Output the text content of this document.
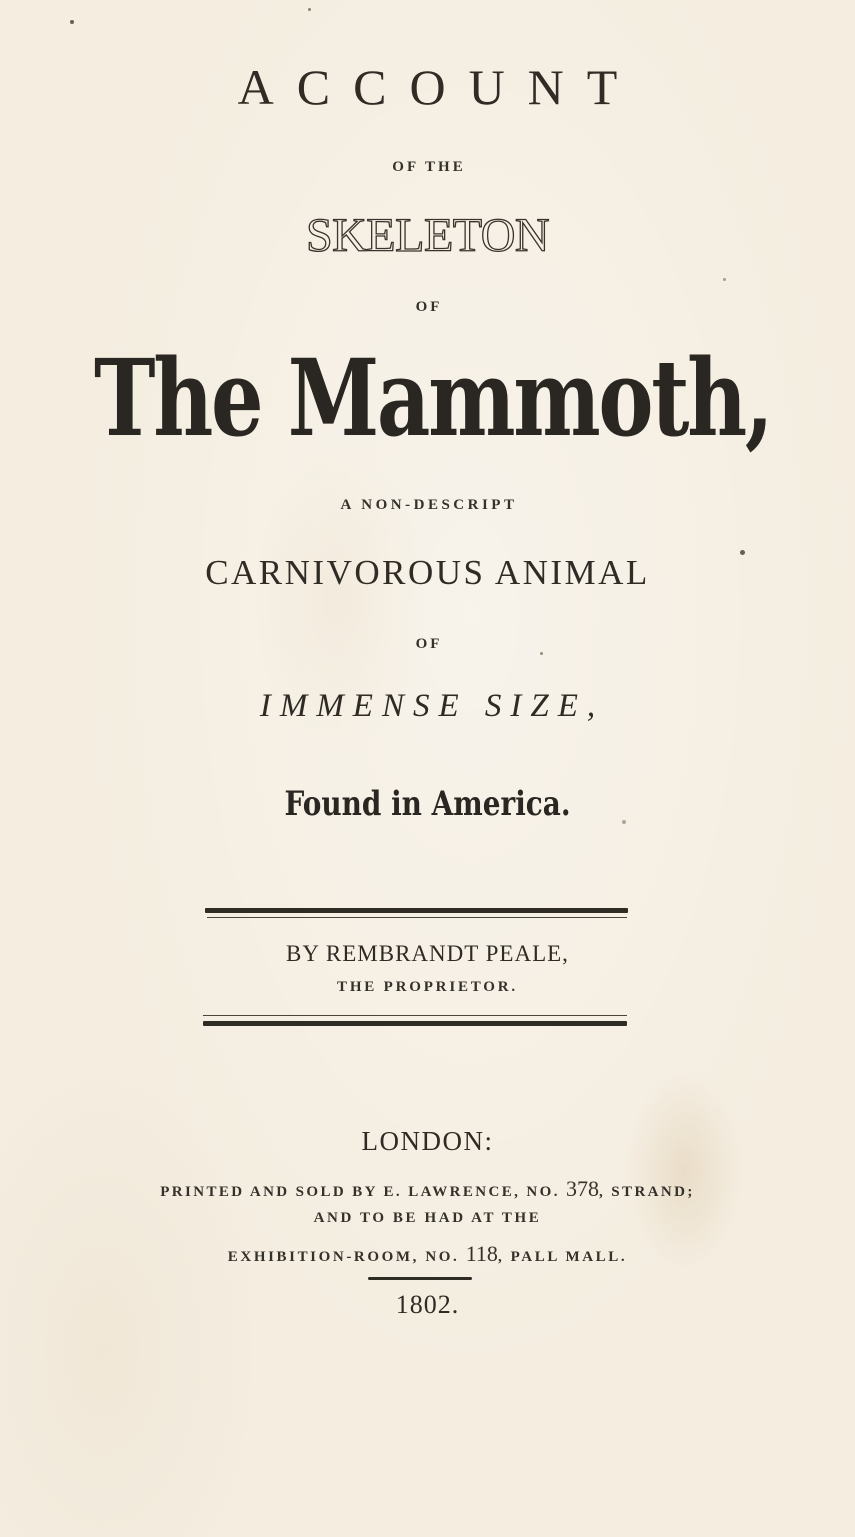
ACCOUNT
OF THE
SKELETON
OF
The Mammoth,
A NON-DESCRIPT
CARNIVOROUS ANIMAL
OF
IMMENSE SIZE,
Found in America.
BY REMBRANDT PEALE,
THE PROPRIETOR.
LONDON:
PRINTED AND SOLD BY E. LAWRENCE, NO. 378, STRAND;
AND TO BE HAD AT THE
EXHIBITION-ROOM, NO. 118, PALL MALL.
1802.
